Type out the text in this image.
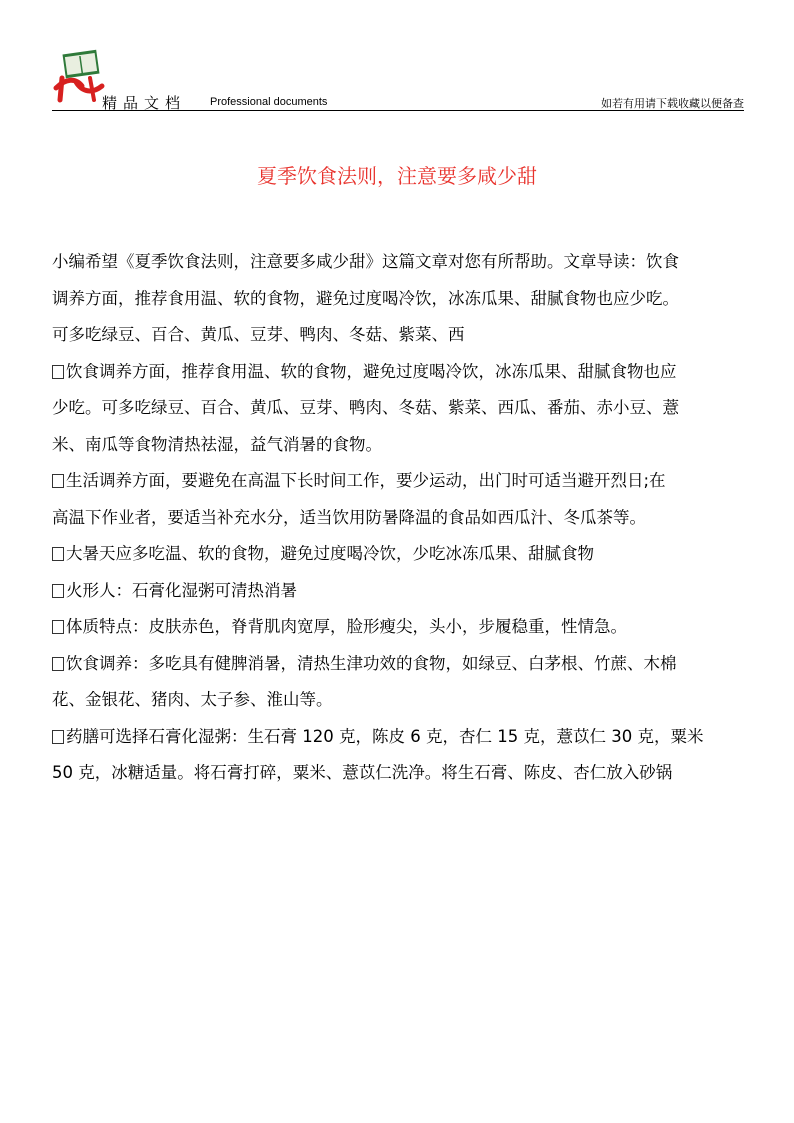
精品文档 Professional documents	如若有用请下载收藏以便备查
夏季饮食法则，注意要多咸少甜

小编希望《夏季饮食法则，注意要多咸少甜》这篇文章对您有所帮助。文章导读：饮食
调养方面，推荐食用温、软的食物，避免过度喝冷饮，冰冻瓜果、甜腻食物也应少吃。
可多吃绿豆、百合、黄瓜、豆芽、鸭肉、冬菇、紫菜、西

饮食调养方面，推荐食用温、软的食物，避免过度喝冷饮，冰冻瓜果、甜腻食物也应
少吃。可多吃绿豆、百合、黄瓜、豆芽、鸭肉、冬菇、紫菜、西瓜、番茄、赤小豆、薏
米、南瓜等食物清热祛湿，益气消暑的食物。

生活调养方面，要避免在高温下长时间工作，要少运动，出门时可适当避开烈日;在
高温下作业者，要适当补充水分，适当饮用防暑降温的食品如西瓜汁、冬瓜茶等。

大暑天应多吃温、软的食物，避免过度喝冷饮，少吃冰冻瓜果、甜腻食物

火形人：石膏化湿粥可清热消暑

体质特点：皮肤赤色，脊背肌肉宽厚，脸形瘦尖，头小，步履稳重，性情急。

饮食调养：多吃具有健脾消暑，清热生津功效的食物，如绿豆、白茅根、竹蔗、木棉
花、金银花、猪肉、太子参、淮山等。

药膳可选择石膏化湿粥：生石膏 120 克，陈皮 6 克，杏仁 15 克，薏苡仁 30 克，粟米
50 克，冰糖适量。将石膏打碎，粟米、薏苡仁洗净。将生石膏、陈皮、杏仁放入砂锅
